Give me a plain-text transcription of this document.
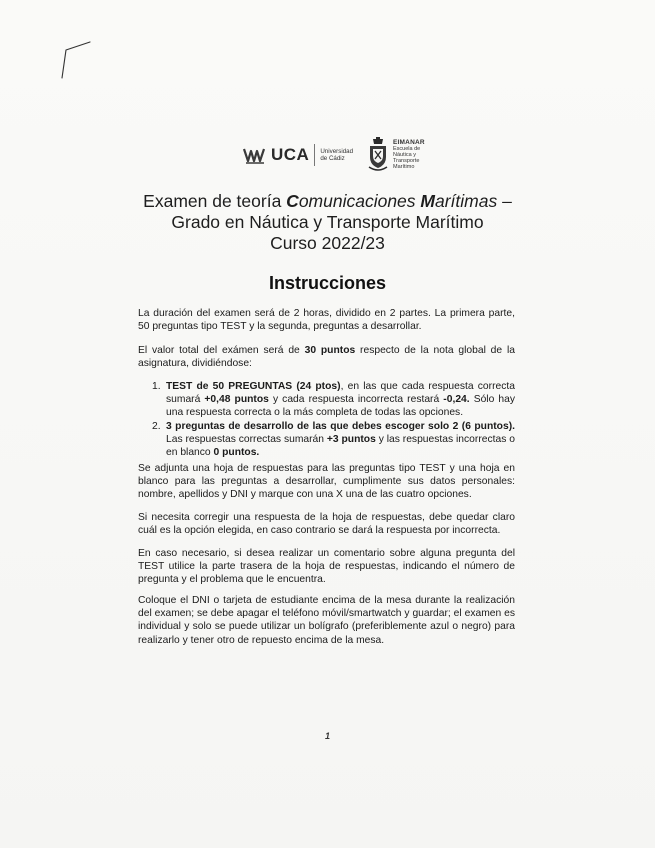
UCA Universidad
de Cádiz
EIMANAR
Escuela de
Náutica y
Transporte
Marítimo
Examen de teoría Comunicaciones Marítimas –
Grado en Náutica y Transporte Marítimo
Curso 2022/23
Instrucciones

La duración del examen será de 2 horas, dividido en 2 partes. La primera parte, 50 preguntas tipo TEST y la segunda, preguntas a desarrollar.

El valor total del exámen será de 30 puntos respecto de la nota global de la asignatura, dividiéndose:

1. TEST de 50 PREGUNTAS (24 ptos), en las que cada respuesta correcta sumará +0,48 puntos y cada respuesta incorrecta restará -0,24. Sólo hay una respuesta correcta o la más completa de todas las opciones.
2. 3 preguntas de desarrollo de las que debes escoger solo 2 (6 puntos). Las respuestas correctas sumarán +3 puntos y las respuestas incorrectas o en blanco 0 puntos.

Se adjunta una hoja de respuestas para las preguntas tipo TEST y una hoja en blanco para las preguntas a desarrollar, cumplimente sus datos personales: nombre, apellidos y DNI y marque con una X una de las cuatro opciones.

Si necesita corregir una respuesta de la hoja de respuestas, debe quedar claro cuál es la opción elegida, en caso contrario se dará la respuesta por incorrecta.

En caso necesario, si desea realizar un comentario sobre alguna pregunta del TEST utilice la parte trasera de la hoja de respuestas, indicando el número de pregunta y el problema que le encuentra.

Coloque el DNI o tarjeta de estudiante encima de la mesa durante la realización del examen; se debe apagar el teléfono móvil/smartwatch y guardar; el examen es individual y solo se puede utilizar un bolígrafo (preferiblemente azul o negro) para realizarlo y tener otro de repuesto encima de la mesa.

1
